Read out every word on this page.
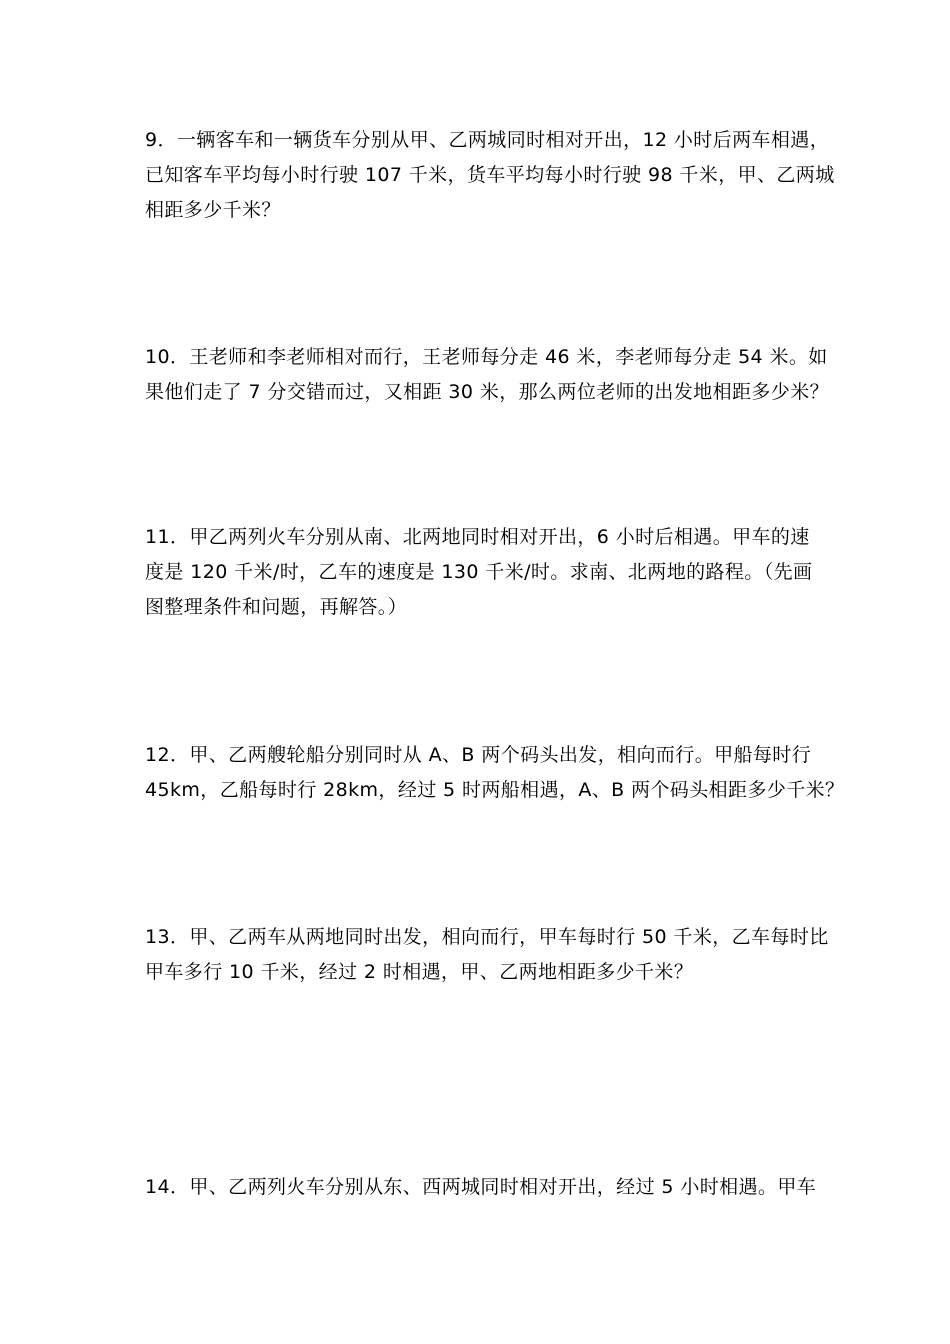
9．一辆客车和一辆货车分别从甲、乙两城同时相对开出，12 小时后两车相遇，
已知客车平均每小时行驶 107 千米，货车平均每小时行驶 98 千米，甲、乙两城
相距多少千米？
10．王老师和李老师相对而行，王老师每分走 46 米，李老师每分走 54 米。如
果他们走了 7 分交错而过，又相距 30 米，那么两位老师的出发地相距多少米？
11．甲乙两列火车分别从南、北两地同时相对开出，6 小时后相遇。甲车的速
度是 120 千米/时，乙车的速度是 130 千米/时。求南、北两地的路程。（先画
图整理条件和问题，再解答。）
12．甲、乙两艘轮船分别同时从 A、B 两个码头出发，相向而行。甲船每时行
45km，乙船每时行 28km，经过 5 时两船相遇，A、B 两个码头相距多少千米？
13．甲、乙两车从两地同时出发，相向而行，甲车每时行 50 千米，乙车每时比
甲车多行 10 千米，经过 2 时相遇，甲、乙两地相距多少千米？
14．甲、乙两列火车分别从东、西两城同时相对开出，经过 5 小时相遇。甲车
